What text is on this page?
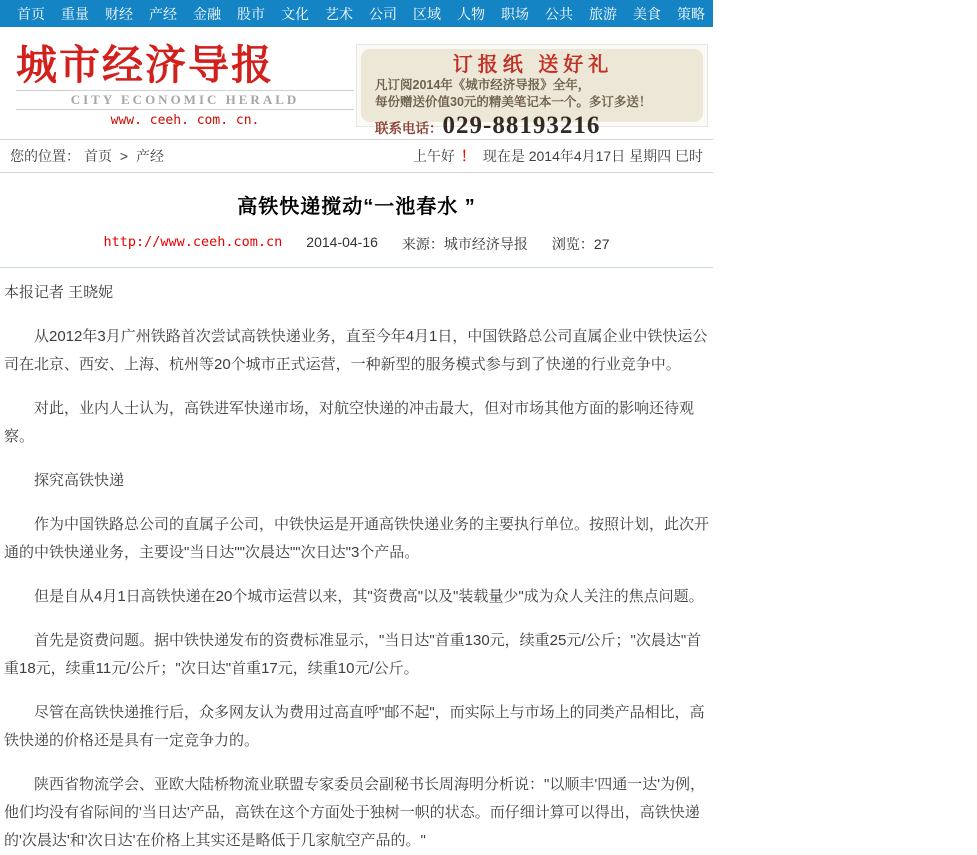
首页	重量	财经	产经	金融	股市	文化	艺术	公司	区域	人物	职场	公共	旅游	美食	策略	专栏	阅读	会展	生活	汽车	房产
城市经济导报
CITY ECONOMIC HERALD
www. ceeh. com. cn.
订报纸 送好礼
凡订阅2014年《城市经济导报》全年，
每份赠送价值30元的精美笔记本一个。多订多送！
联系电话： 029-88193216
您的位置： 首页 > 产经	上午好 ！ 现在是 2014年4月17日 星期四 巳时
高铁快递搅动“一池春水 ”
http://www.ceeh.com.cn 2014-04-16 来源：城市经济导报 浏览：27

本报记者 王晓妮

从2012年3月广州铁路首次尝试高铁快递业务，直至今年4月1日，中国铁路总公司直属企业中铁快运公司在北京、西安、上海、杭州等20个城市正式运营，一种新型的服务模式参与到了快递的行业竞争中。

对此，业内人士认为，高铁进军快递市场，对航空快递的冲击最大，但对市场其他方面的影响还待观察。

探究高铁快递

作为中国铁路总公司的直属子公司，中铁快运是开通高铁快递业务的主要执行单位。按照计划，此次开通的中铁快递业务，主要设"当日达""次晨达""次日达"3个产品。

但是自从4月1日高铁快递在20个城市运营以来，其"资费高"以及"装载量少"成为众人关注的焦点问题。

首先是资费问题。据中铁快递发布的资费标准显示，"当日达"首重130元，续重25元/公斤；"次晨达"首重18元，续重11元/公斤；"次日达"首重17元，续重10元/公斤。

尽管在高铁快递推行后，众多网友认为费用过高直呼"邮不起"，而实际上与市场上的同类产品相比，高铁快递的价格还是具有一定竞争力的。

陕西省物流学会、亚欧大陆桥物流业联盟专家委员会副秘书长周海明分析说："以顺丰'四通一达'为例，他们均没有省际间的'当日达'产品，高铁在这个方面处于独树一帜的状态。而仔细计算可以得出，高铁快递的'次晨达'和'次日达'在价格上其实还是略低于几家航空产品的。"
